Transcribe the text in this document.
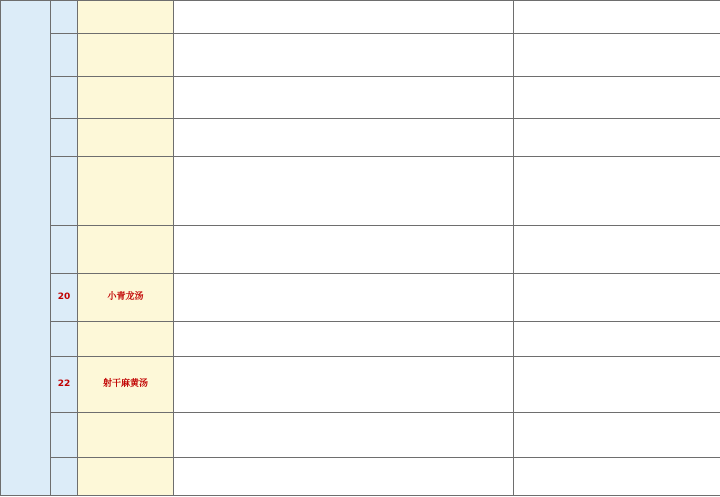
	20	小青龙汤	

	22	射干麻黄汤	
